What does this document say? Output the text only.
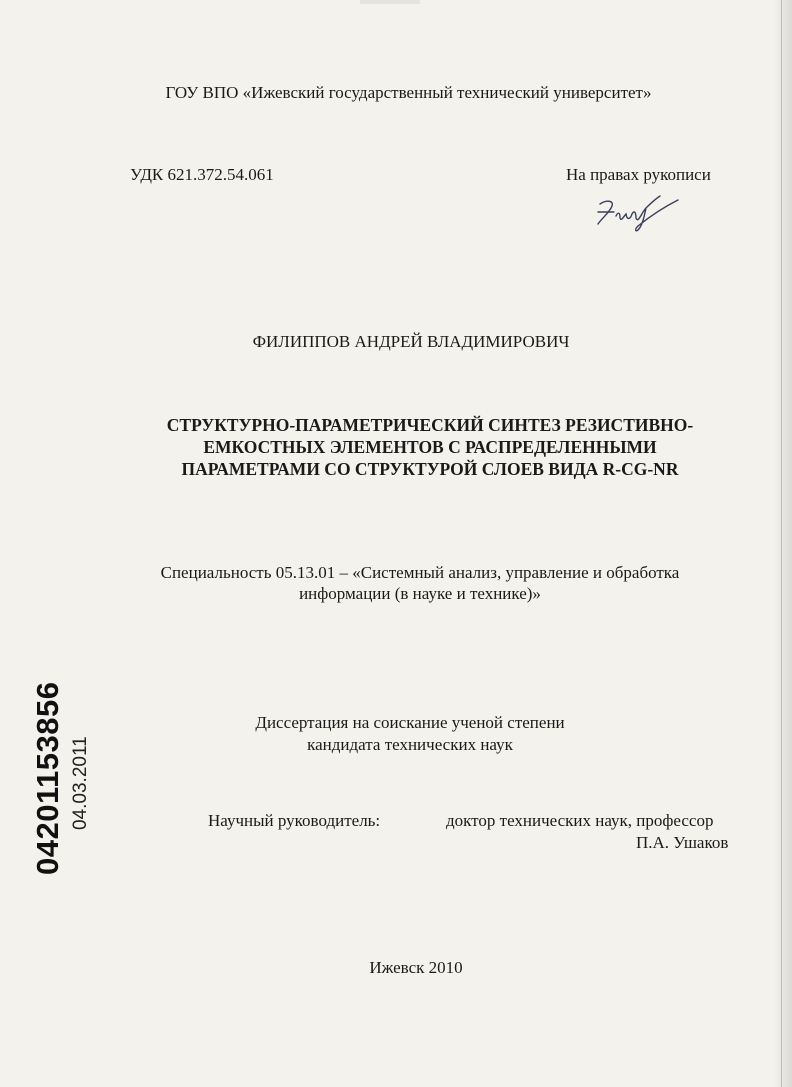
ГОУ ВПО «Ижевский государственный технический университет»

УДК 621.372.54.061	На правах рукописи

ФИЛИППОВ АНДРЕЙ ВЛАДИМИРОВИЧ

СТРУКТУРНО-ПАРАМЕТРИЧЕСКИЙ СИНТЕЗ РЕЗИСТИВНО-
ЕМКОСТНЫХ ЭЛЕМЕНТОВ С РАСПРЕДЕЛЕННЫМИ
ПАРАМЕТРАМИ СО СТРУКТУРОЙ СЛОЕВ ВИДА R-CG-NR

Специальность 05.13.01 – «Системный анализ, управление и обработка
информации (в науке и технике)»

Диссертация на соискание ученой степени
кандидата технических наук

Научный руководитель:	доктор технических наук, профессор

П.А. Ушаков

Ижевск 2010

04201153856 04.03.2011
